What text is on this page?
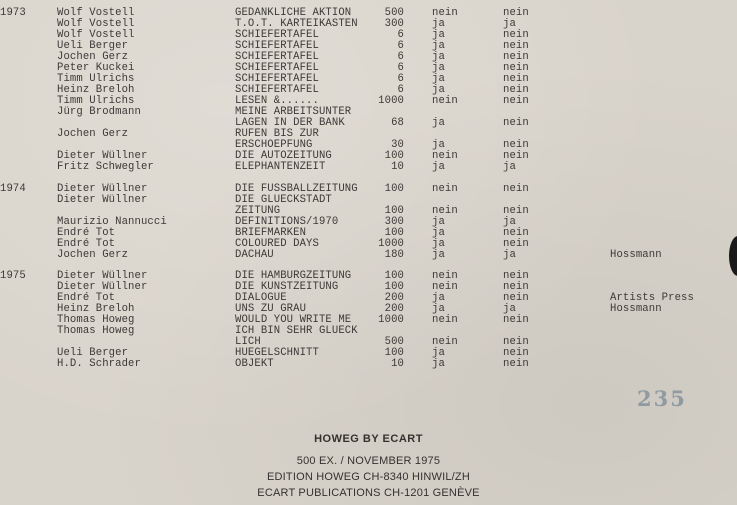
1973	Wolf Vostell	GEDANKLICHE AKTION	500	nein	nein
Wolf Vostell	T.O.T. KARTEIKASTEN	300	ja	ja
Wolf Vostell	SCHIEFERTAFEL	6	ja	nein
Ueli Berger	SCHIEFERTAFEL	6	ja	nein
Jochen Gerz	SCHIEFERTAFEL	6	ja	nein
Peter Kuckei	SCHIEFERTAFEL	6	ja	nein
Timm Ulrichs	SCHIEFERTAFEL	6	ja	nein
Heinz Breloh	SCHIEFERTAFEL	6	ja	nein
Timm Ulrichs	LESEN &......	1000	nein	nein
Jürg Brodmann	MEINE ARBEITSUNTER
LAGEN IN DER BANK	68	ja	nein
Jochen Gerz	RUFEN BIS ZUR
ERSCHOEPFUNG	30	ja	nein
Dieter Wüllner	DIE AUTOZEITUNG	100	nein	nein
Fritz Schwegler	ELEPHANTENZEIT	10	ja	ja
1974	Dieter Wüllner	DIE FUSSBALLZEITUNG	100	nein	nein
Dieter Wüllner	DIE GLUECKSTADT
ZEITUNG	100	nein	nein
Maurizio Nannucci	DEFINITIONS/1970	300	ja	ja
Endré Tot	BRIEFMARKEN	100	ja	nein
Endré Tot	COLOURED DAYS	1000	ja	nein
Jochen Gerz	DACHAU	180	ja	ja	Hossmann
1975	Dieter Wüllner	DIE HAMBURGZEITUNG	100	nein	nein
Dieter Wüllner	DIE KUNSTZEITUNG	100	nein	nein
Endré Tot	DIALOGUE	200	ja	nein	Artists Press
Heinz Breloh	UNS ZU GRAU	200	ja	ja	Hossmann
Thomas Howeg	WOULD YOU WRITE ME	1000	nein	nein
Thomas Howeg	ICH BIN SEHR GLUECK
LICH	500	nein	nein
Ueli Berger	HUEGELSCHNITT	100	ja	nein
H.D. Schrader	OBJEKT	10	ja	nein
235
HOWEG BY ECART
500 EX. / NOVEMBER 1975
EDITION HOWEG CH-8340 HINWIL/ZH
ECART PUBLICATIONS CH-1201 GENÈVE
